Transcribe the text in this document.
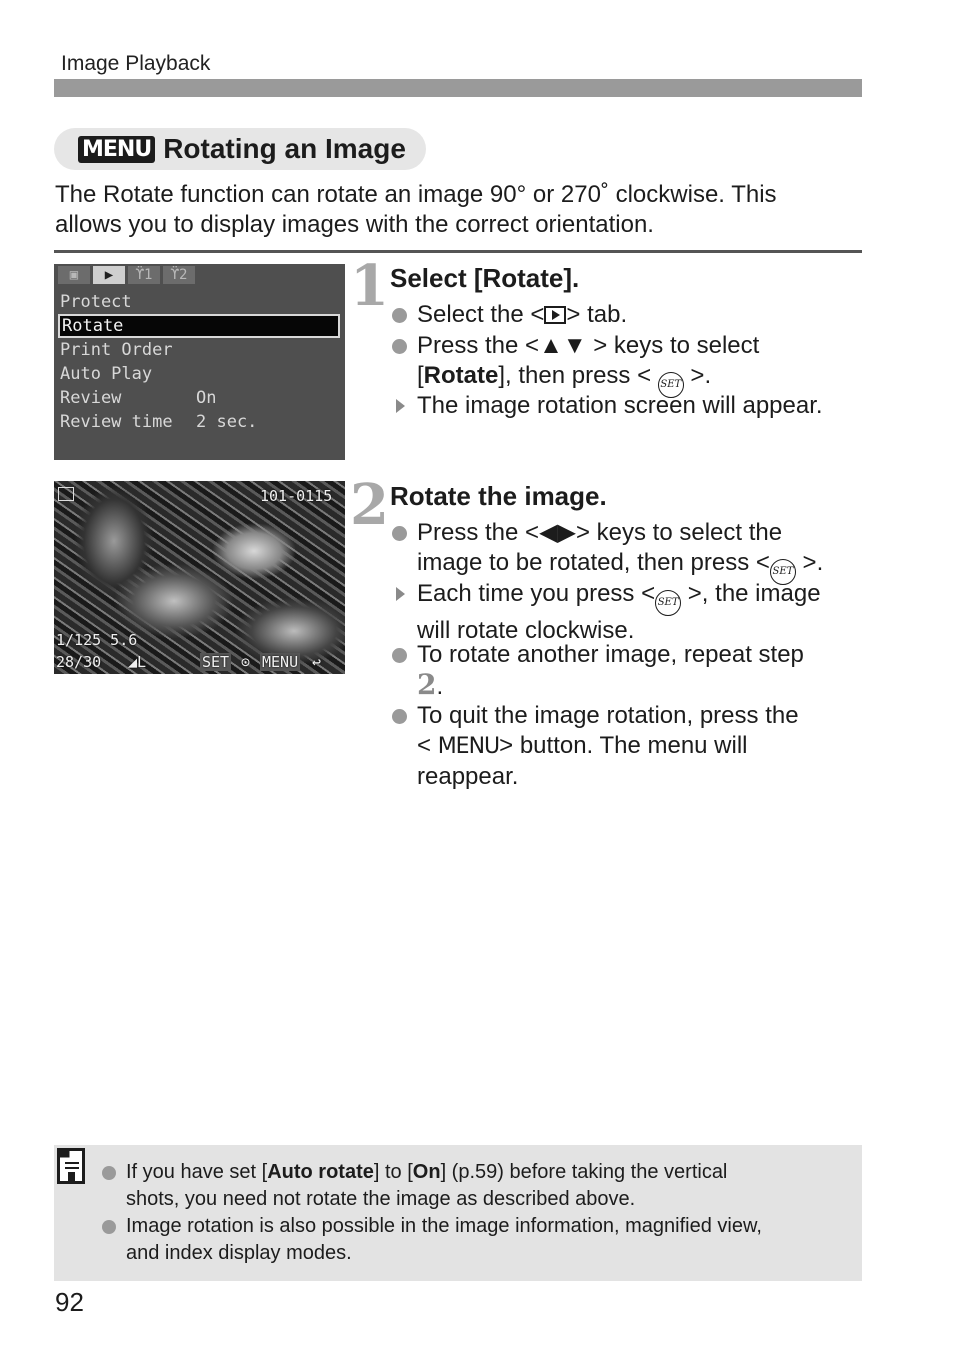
Image Playback
MENU Rotating an Image
The Rotate function can rotate an image 90° or 270˚ clockwise. This
allows you to display images with the correct orientation.
▣	▶	ϔ1	ϔ2
Protect
Rotate
Print Order
Auto Play
Review	On
Review time 2 sec.
101-0115
1/125 5.6
28/30 ◢L	SET ⊙ MENU ↩
1 Select [Rotate].
Select the < > tab.
Press the <▲▼ > keys to select
[Rotate], then press < SET >.
The image rotation screen will appear.
2 Rotate the image.
Press the <◀▶> keys to select the
image to be rotated, then press < SET >.
Each time you press < SET >, the image
will rotate clockwise.
To rotate another image, repeat step
2.
To quit the image rotation, press the
< MENU> button. The menu will
reappear.
If you have set [Auto rotate] to [On] (p.59) before taking the vertical
shots, you need not rotate the image as described above.
Image rotation is also possible in the image information, magnified view,
and index display modes.
92
